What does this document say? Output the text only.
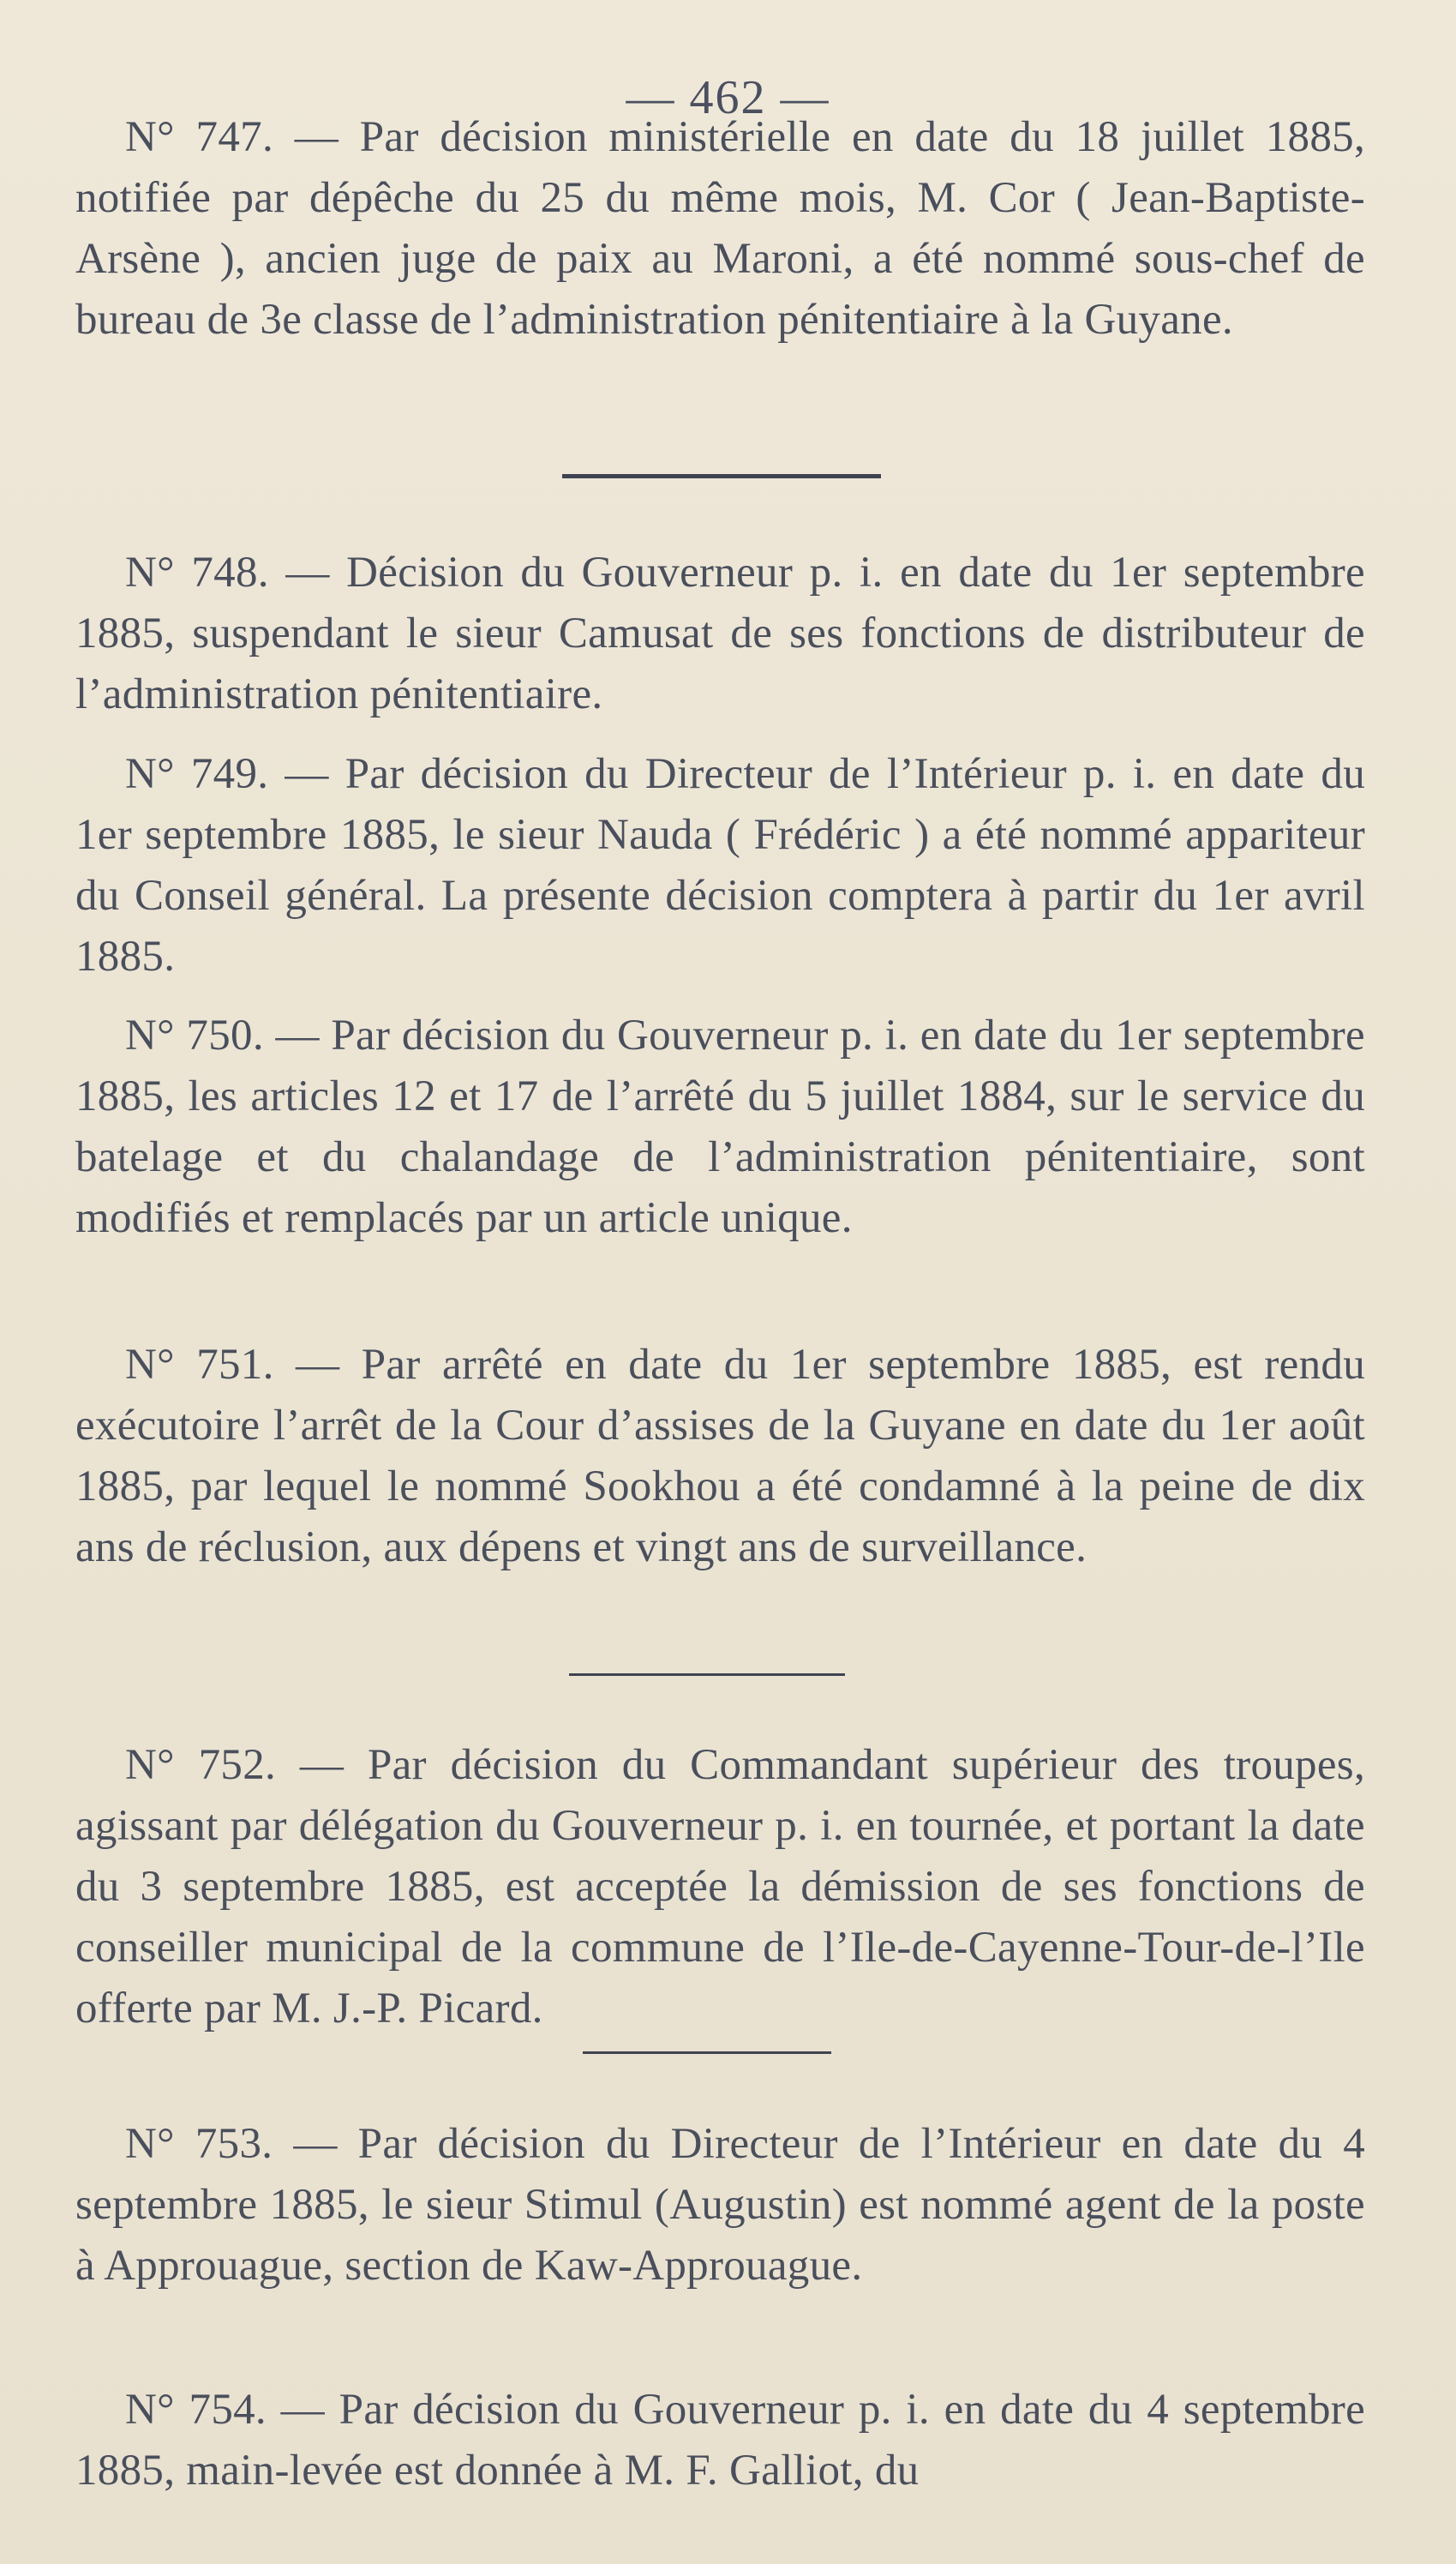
— 462 —

N° 747. — Par décision ministérielle en date du 18 juillet 1885, notifiée par dépêche du 25 du même mois, M. Cor ( Jean-Baptiste-Arsène ), ancien juge de paix au Maroni, a été nommé sous-chef de bureau de 3e classe de l’administration pénitentiaire à la Guyane.

N° 748. — Décision du Gouverneur p. i. en date du 1er septembre 1885, suspendant le sieur Camusat de ses fonctions de distributeur de l’administration pénitentiaire.

N° 749. — Par décision du Directeur de l’Intérieur p. i. en date du 1er septembre 1885, le sieur Nauda ( Frédéric ) a été nommé appariteur du Conseil général. La présente décision comptera à partir du 1er avril 1885.

N° 750. — Par décision du Gouverneur p. i. en date du 1er septembre 1885, les articles 12 et 17 de l’arrêté du 5 juillet 1884, sur le service du batelage et du chalandage de l’administration pénitentiaire, sont modifiés et remplacés par un article unique.

N° 751. — Par arrêté en date du 1er septembre 1885, est rendu exécutoire l’arrêt de la Cour d’assises de la Guyane en date du 1er août 1885, par lequel le nommé Sookhou a été condamné à la peine de dix ans de réclusion, aux dépens et vingt ans de surveillance.

N° 752. — Par décision du Commandant supérieur des troupes, agissant par délégation du Gouverneur p. i. en tournée, et portant la date du 3 septembre 1885, est acceptée la démission de ses fonctions de conseiller municipal de la commune de l’Ile-de-Cayenne-Tour-de-l’Ile offerte par M. J.-P. Picard.

N° 753. — Par décision du Directeur de l’Intérieur en date du 4 septembre 1885, le sieur Stimul (Augustin) est nommé agent de la poste à Approuague, section de Kaw-Approuague.

N° 754. — Par décision du Gouverneur p. i. en date du 4 septembre 1885, main-levée est donnée à M. F. Galliot, du
